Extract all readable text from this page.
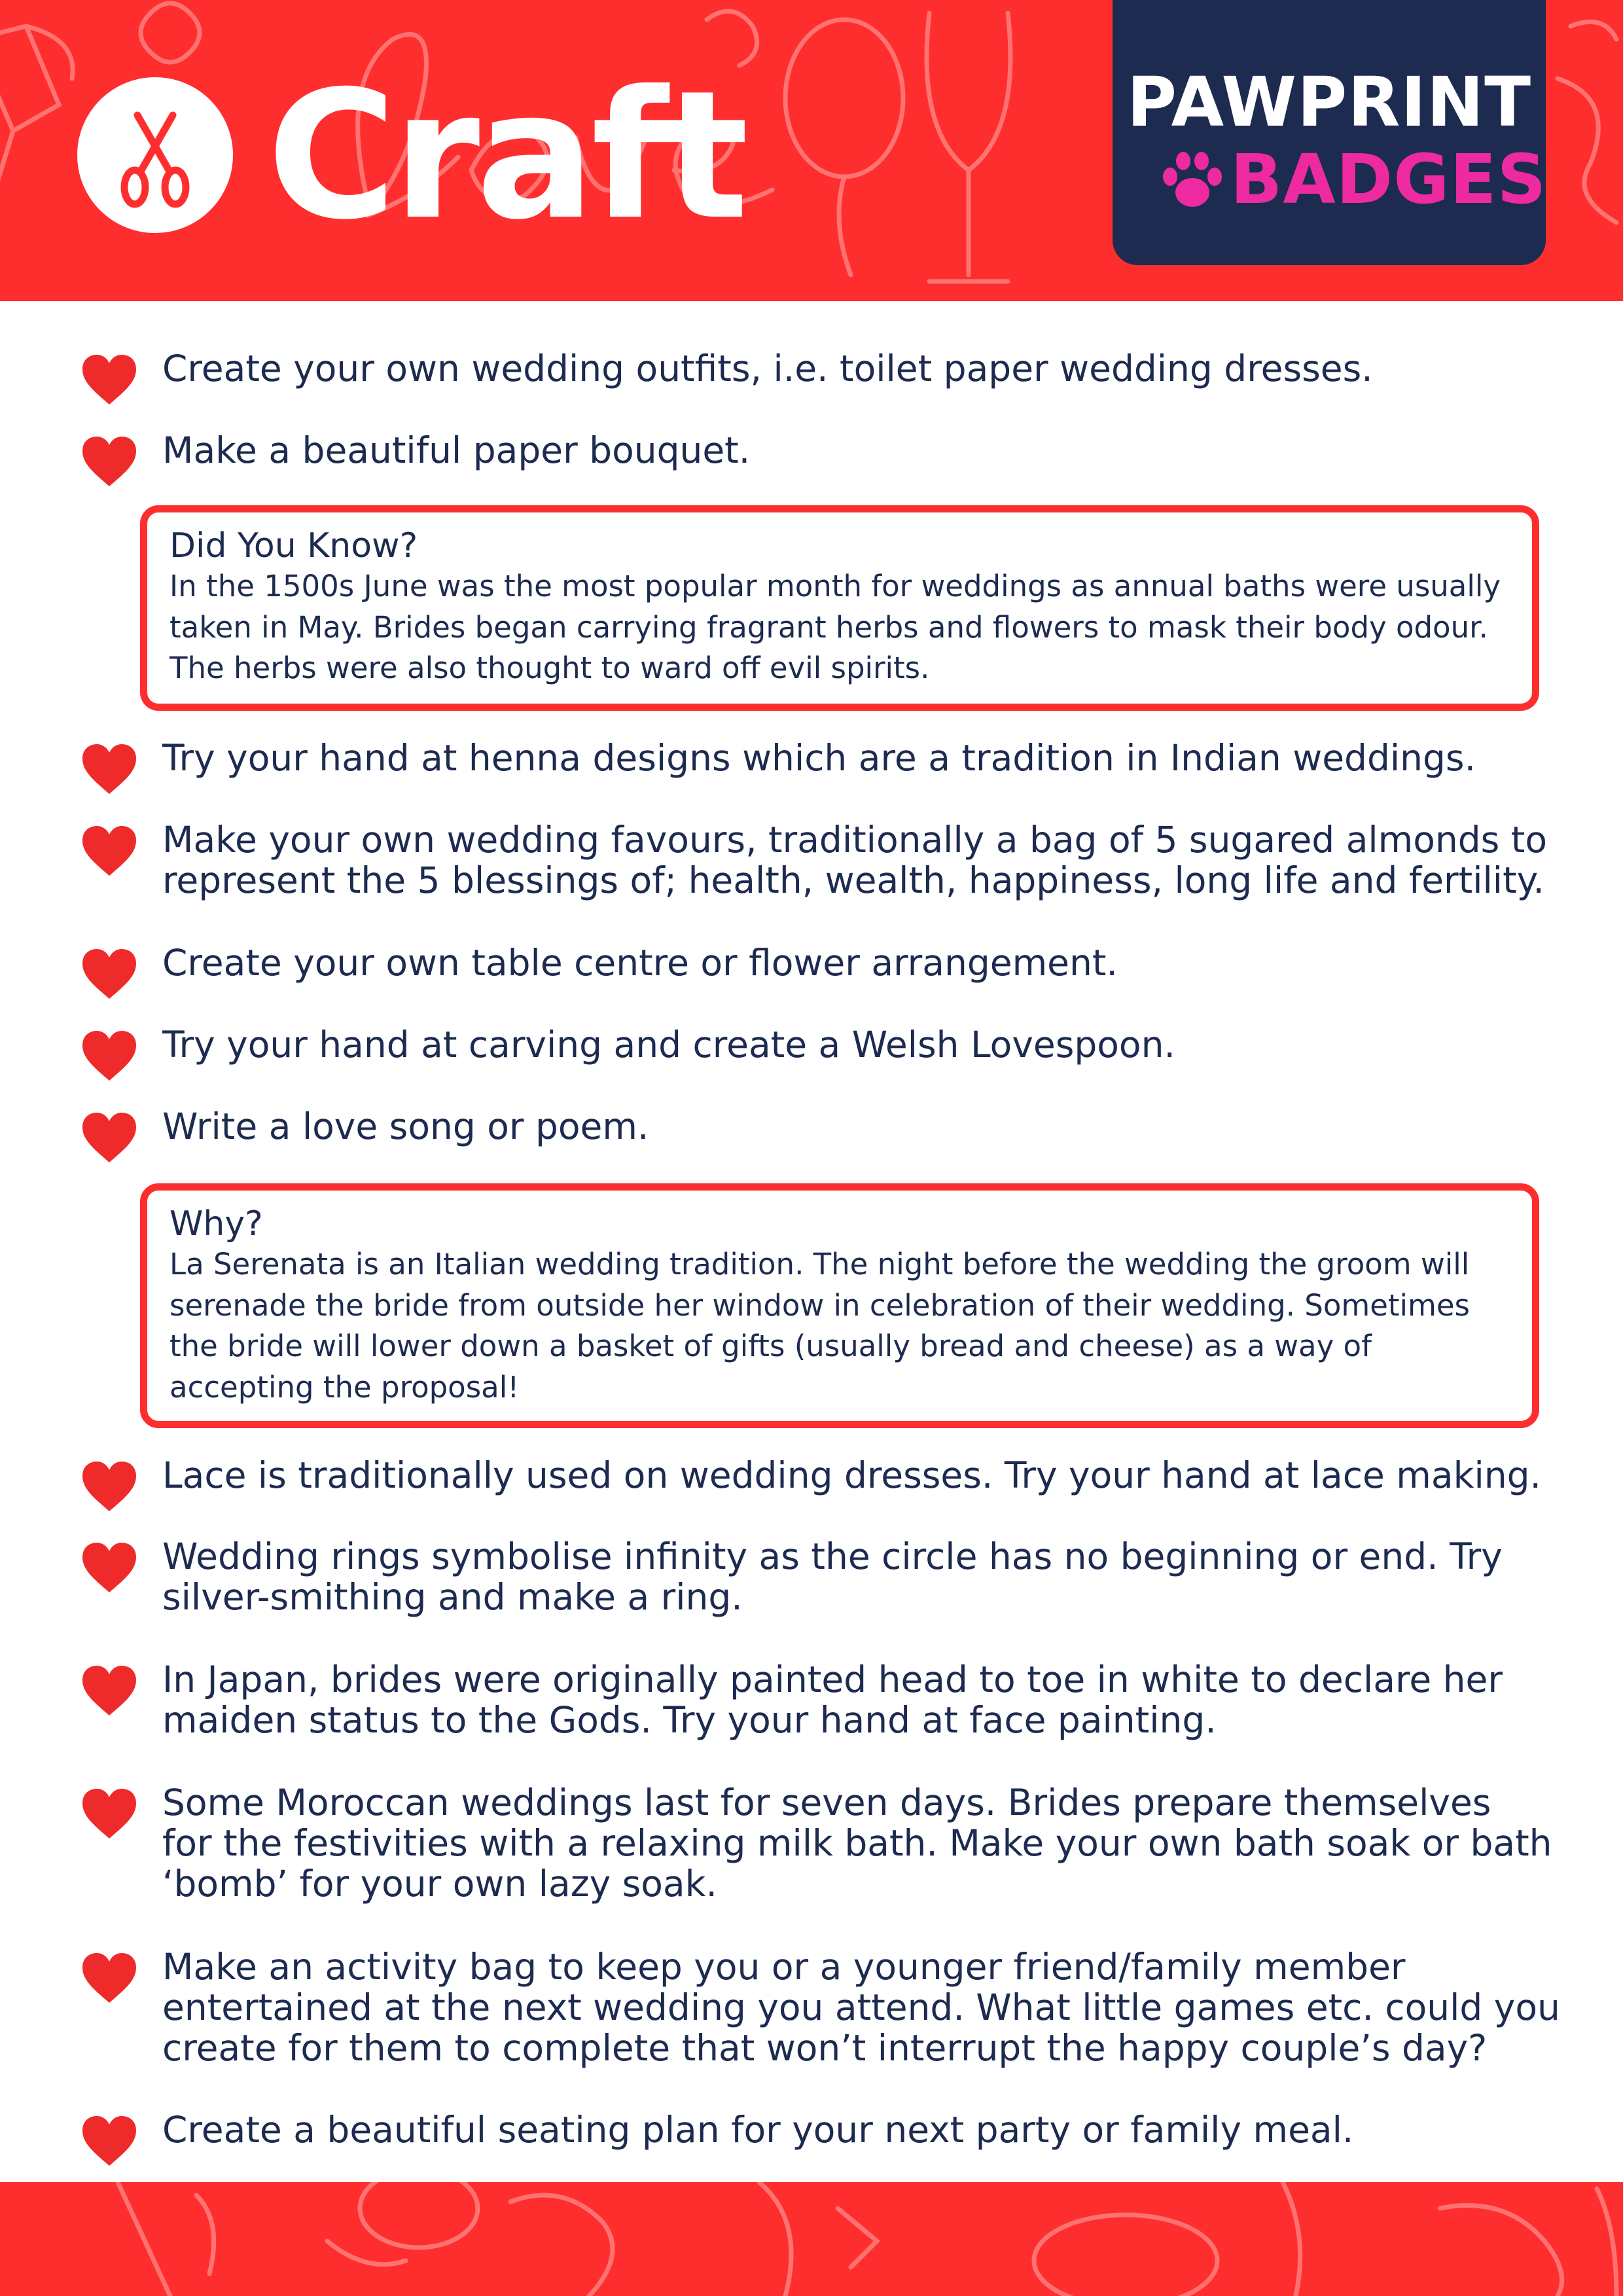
Craft	PAWPRINT
BADGES
Create your own wedding outfits, i.e. toilet paper wedding dresses.
Make a beautiful paper bouquet.
Did You Know?
In the 1500s June was the most popular month for weddings as annual baths were usually
taken in May. Brides began carrying fragrant herbs and flowers to mask their body odour.
The herbs were also thought to ward off evil spirits.
Try your hand at henna designs which are a tradition in Indian weddings.
Make your own wedding favours, traditionally a bag of 5 sugared almonds to
represent the 5 blessings of; health, wealth, happiness, long life and fertility.
Create your own table centre or flower arrangement.
Try your hand at carving and create a Welsh Lovespoon.
Write a love song or poem.
Why?
La Serenata is an Italian wedding tradition. The night before the wedding the groom will
serenade the bride from outside her window in celebration of their wedding. Sometimes
the bride will lower down a basket of gifts (usually bread and cheese) as a way of
accepting the proposal!
Lace is traditionally used on wedding dresses. Try your hand at lace making.
Wedding rings symbolise infinity as the circle has no beginning or end. Try
silver-smithing and make a ring.
In Japan, brides were originally painted head to toe in white to declare her
maiden status to the Gods. Try your hand at face painting.
Some Moroccan weddings last for seven days. Brides prepare themselves
for the festivities with a relaxing milk bath. Make your own bath soak or bath
‘bomb’ for your own lazy soak.
Make an activity bag to keep you or a younger friend/family member
entertained at the next wedding you attend. What little games etc. could you
create for them to complete that won’t interrupt the happy couple’s day?
Create a beautiful seating plan for your next party or family meal.
